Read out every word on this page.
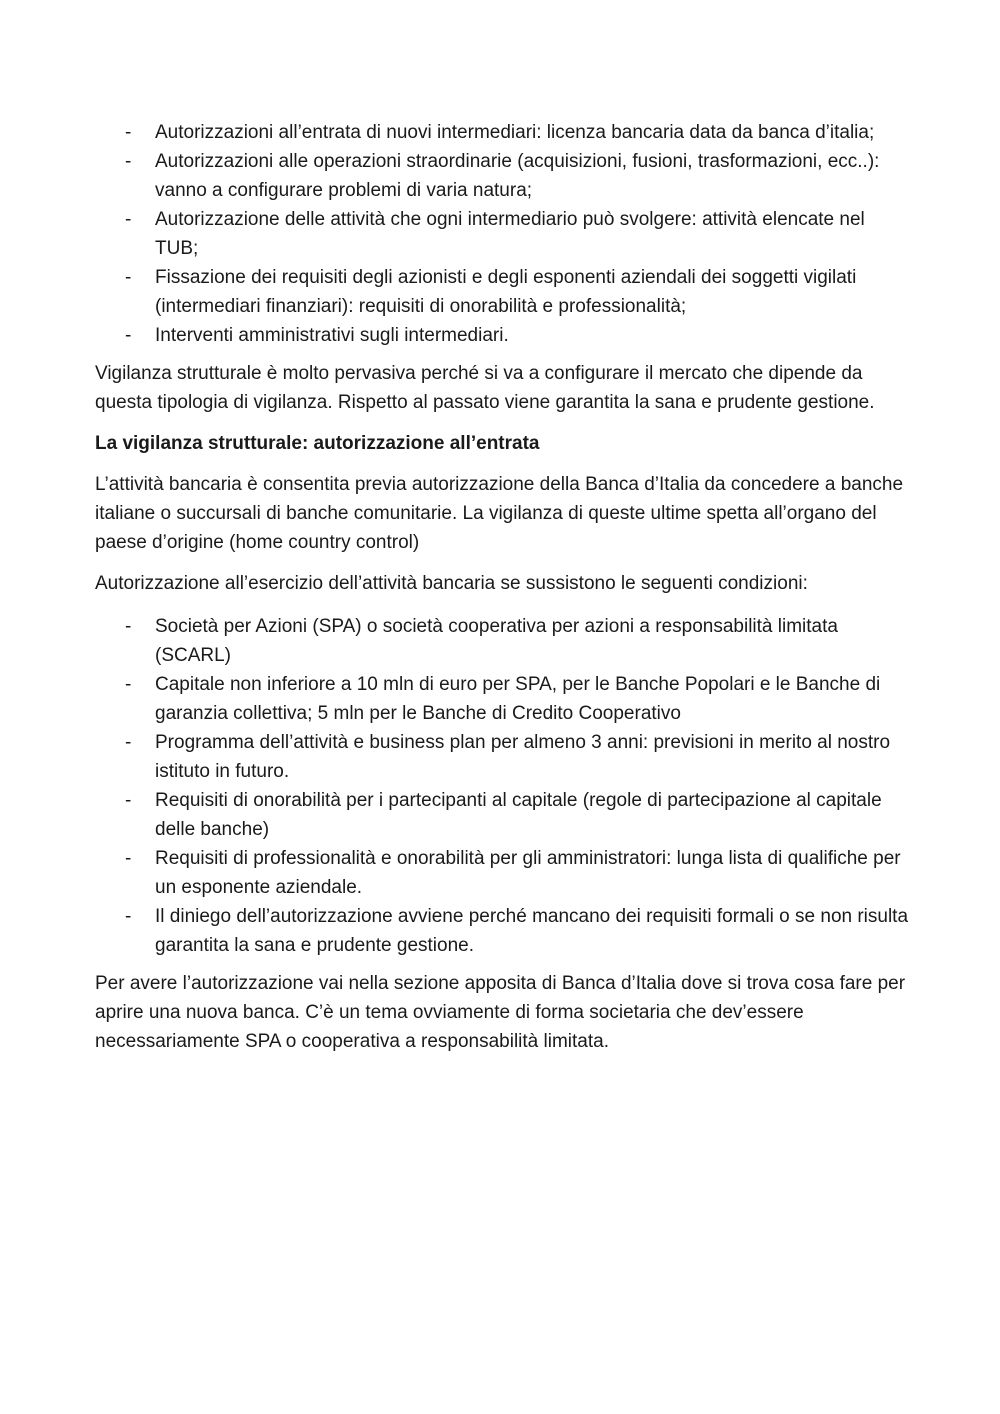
- Autorizzazioni all’entrata di nuovi intermediari: licenza bancaria data da banca d’italia;
- Autorizzazioni alle operazioni straordinarie (acquisizioni, fusioni, trasformazioni, ecc..): vanno a configurare problemi di varia natura;
- Autorizzazione delle attività che ogni intermediario può svolgere: attività elencate nel TUB;
- Fissazione dei requisiti degli azionisti e degli esponenti aziendali dei soggetti vigilati (intermediari finanziari): requisiti di onorabilità e professionalità;
- Interventi amministrativi sugli intermediari.

Vigilanza strutturale è molto pervasiva perché si va a configurare il mercato che dipende da questa tipologia di vigilanza. Rispetto al passato viene garantita la sana e prudente gestione.

La vigilanza strutturale: autorizzazione all’entrata

L’attività bancaria è consentita previa autorizzazione della Banca d’Italia da concedere a banche italiane o succursali di banche comunitarie. La vigilanza di queste ultime spetta all’organo del paese d’origine (home country control)

Autorizzazione all’esercizio dell’attività bancaria se sussistono le seguenti condizioni:

- Società per Azioni (SPA) o società cooperativa per azioni a responsabilità limitata (SCARL)
- Capitale non inferiore a 10 mln di euro per SPA, per le Banche Popolari e le Banche di garanzia collettiva; 5 mln per le Banche di Credito Cooperativo
- Programma dell’attività e business plan per almeno 3 anni: previsioni in merito al nostro istituto in futuro.
- Requisiti di onorabilità per i partecipanti al capitale (regole di partecipazione al capitale delle banche)
- Requisiti di professionalità e onorabilità per gli amministratori: lunga lista di qualifiche per un esponente aziendale.
- Il diniego dell’autorizzazione avviene perché mancano dei requisiti formali o se non risulta garantita la sana e prudente gestione.

Per avere l’autorizzazione vai nella sezione apposita di Banca d’Italia dove si trova cosa fare per aprire una nuova banca. C’è un tema ovviamente di forma societaria che dev’essere necessariamente SPA o cooperativa a responsabilità limitata.
